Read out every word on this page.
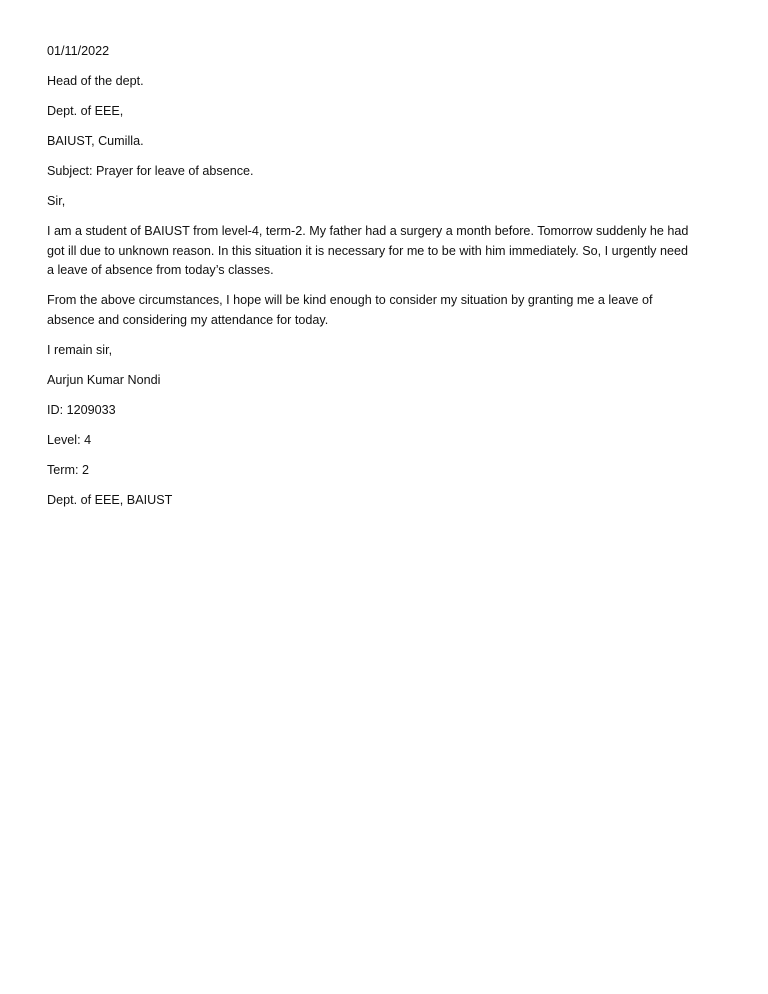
01/11/2022

Head of the dept.

Dept. of EEE,

BAIUST, Cumilla.

Subject: Prayer for leave of absence.

Sir,

I am a student of BAIUST from level-4, term-2. My father had a surgery a month before. Tomorrow suddenly he had
got ill due to unknown reason. In this situation it is necessary for me to be with him immediately. So, I urgently need
a leave of absence from today’s classes.
From the above circumstances, I hope will be kind enough to consider my situation by granting me a leave of
absence and considering my attendance for today.

I remain sir,

Aurjun Kumar Nondi

ID: 1209033

Level: 4

Term: 2

Dept. of EEE, BAIUST
